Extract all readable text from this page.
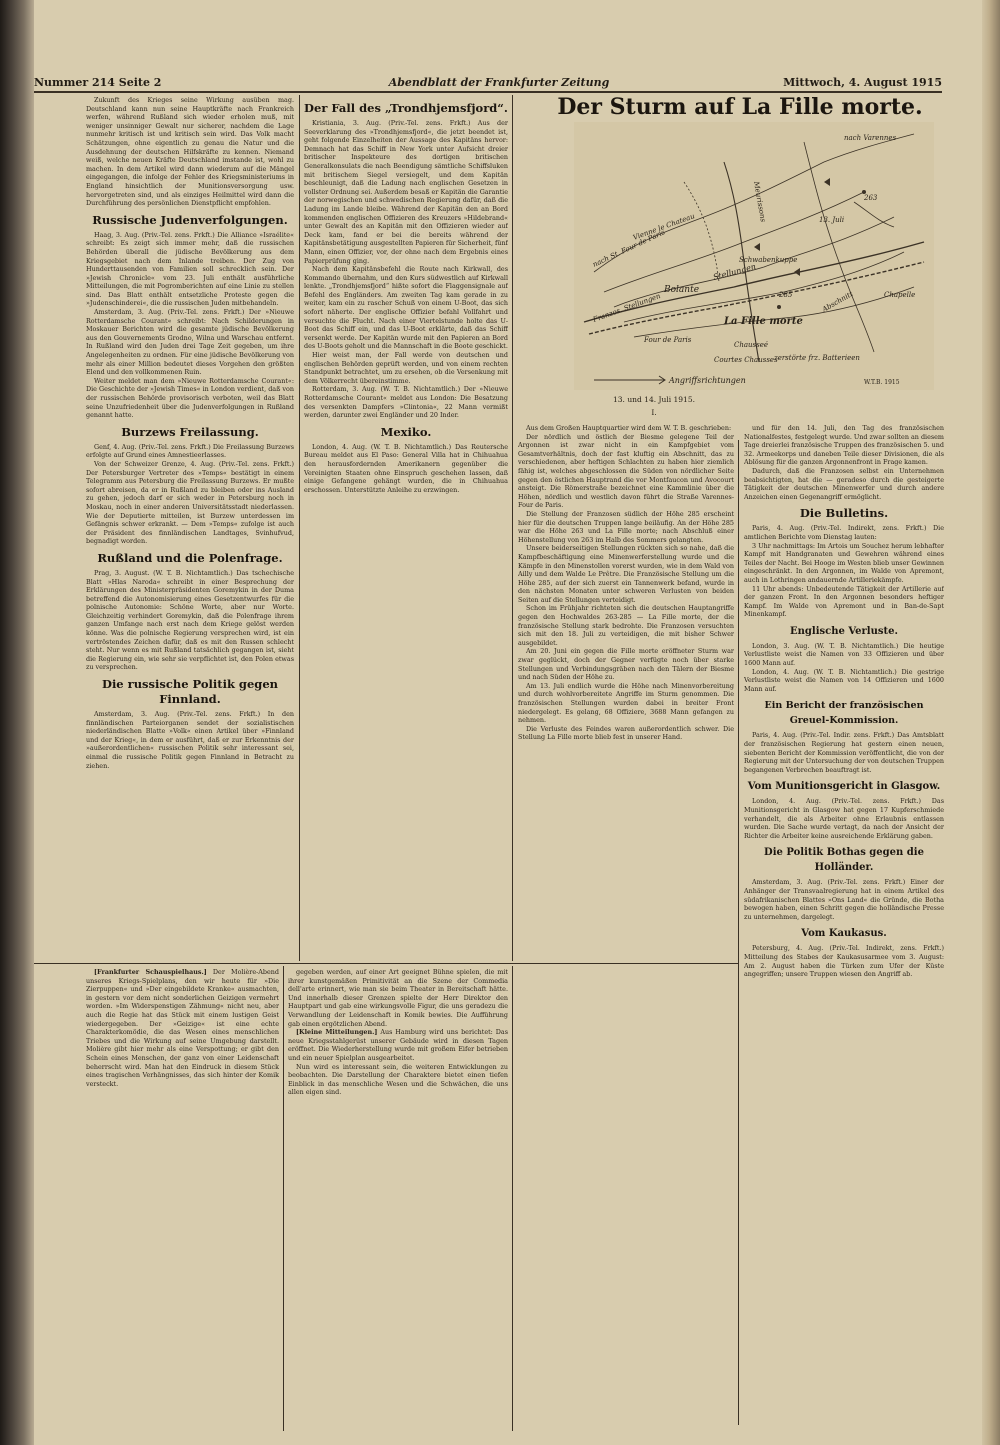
Nummer 214 Seite 2	Abendblatt der Frankfurter Zeitung	Mittwoch, 4. August 1915

Zukunft des Krieges seine Wirkung ausüben mag. Deutschland kann nun seine Hauptkräfte nach Frankreich werfen, während Rußland sich wieder erholen muß, mit weniger unsinniger Gewalt nur sicherer, nachdem die Lage nunmehr kritisch ist und kritisch sein wird. Das Volk macht Schätzungen, ohne eigentlich zu genau die Natur und die Ausdehnung der deutschen Hilfskräfte zu kennen. Niemand weiß, welche neuen Kräfte Deutschland imstande ist, wohl zu machen. In dem Artikel wird dann wiederum auf die Mängel eingegangen, die infolge der Fehler des Kriegsministeriums in England hinsichtlich der Munitionsversorgung usw. hervorgetreten sind, und als einziges Heilmittel wird dann die Durchführung des persönlichen Dienstpflicht empfohlen.

Russische Judenverfolgungen.

Haag, 3. Aug. (Priv.-Tel. zens. Frkft.) Die Alliance »Israélite« schreibt: Es zeigt sich immer mehr, daß die russischen Behörden überall die jüdische Bevölkerung aus dem Kriegsgebiet nach dem Inlande treiben. Der Zug von Hunderttausenden von Familien soll schrecklich sein. Der »Jewish Chronicle« vom 23. Juli enthält ausführliche Mitteilungen, die mit Pogromberichten auf eine Linie zu stellen sind. Das Blatt enthält entsetzliche Proteste gegen die »Judenschinderei«, die die russischen Juden mitbehandeln.

Amsterdam, 3. Aug. (Priv.-Tel. zens. Frkft.) Der »Nieuwe Rotterdamsche Courant« schreibt: Nach Schilderungen in Moskauer Berichten wird die gesamte jüdische Bevölkerung aus den Gouvernements Grodno, Wilna und Warschau entfernt. In Rußland wird den Juden drei Tage Zeit gegeben, um ihre Angelegenheiten zu ordnen. Für eine jüdische Bevölkerung von mehr als einer Million bedeutet dieses Vorgehen den größten Elend und den vollkommenen Ruin.

Weiter meldet man dem »Nieuwe Rotterdamsche Courant«: Die Geschichte der »Jewish Times« in London verdient, daß von der russischen Behörde provisorisch verboten, weil das Blatt seine Unzufriedenheit über die Judenverfolgungen in Rußland genannt hatte.

Burzews Freilassung.

Genf, 4. Aug. (Priv.-Tel. zens. Frkft.) Die Freilassung Burzews erfolgte auf Grund eines Amnestieerlasses.

Von der Schweizer Grenze, 4. Aug. (Priv.-Tel. zens. Frkft.) Der Petersburger Vertreter des »Temps« bestätigt in einem Telegramm aus Petersburg die Freilassung Burzews. Er mußte sofort abreisen, da er in Rußland zu bleiben oder ins Ausland zu gehen, jedoch darf er sich weder in Petersburg noch in Moskau, noch in einer anderen Universitätsstadt niederlassen. Wie der Deputierte mitteilen, ist Burzew unterdessen im Gefängnis schwer erkrankt. — Dem »Temps« zufolge ist auch der Präsident des finnländischen Landtages, Svinhufvud, begnadigt worden.

Rußland und die Polenfrage.

Prag, 3. August. (W. T. B. Nichtamtlich.) Das tschechische Blatt »Hlas Naroda« schreibt in einer Besprechung der Erklärungen des Ministerpräsidenten Goremykin in der Duma betreffend die Autonomisierung eines Gesetzentwurfes für die polnische Autonomie: Schöne Worte, aber nur Worte. Gleichzeitig verhindert Goremykin, daß die Polenfrage ihrem ganzen Umfange nach erst nach dem Kriege gelöst werden könne. Was die polnische Regierung versprechen wird, ist ein vertröstendes Zeichen dafür, daß es mit den Russen schlecht steht. Nur wenn es mit Rußland tatsächlich gegangen ist, sieht die Regierung ein, wie sehr sie verpflichtet ist, den Polen etwas zu versprechen.

Die russische Politik gegen Finnland.

Amsterdam, 3. Aug. (Priv.-Tel. zens. Frkft.) In den finnländischen Parteiorganen sendet der sozialistischen niederländischen Blatte »Volk« einen Artikel über »Finnland und der Krieg«, in dem er ausführt, daß er zur Erkenntnis der »außerordentlichen« russischen Politik sehr interessant sei, einmal die russische Politik gegen Finnland in Betracht zu ziehen.

Der Fall des „Trondhjemsfjord“.

Kristiania, 3. Aug. (Priv.-Tel. zens. Frkft.) Aus der Seeverklarung des »Trondhjemsfjord«, die jetzt beendet ist, geht folgende Einzelheiten der Aussage des Kapitäns hervor: Demnach hat das Schiff in New York unter Aufsicht dreier britischer Inspekteure des dortigen britischen Generalkonsulats die nach Beendigung sämtliche Schiffsluken mit britischem Siegel versiegelt, und dem Kapitän beschleunigt, daß die Ladung nach englischen Gesetzen in vollster Ordnung sei. Außerdem besaß er Kapitän die Garantie der norwegischen und schwedischen Regierung dafür, daß die Ladung im Lande bleibe. Während der Kapitän den an Bord kommenden englischen Offizieren des Kreuzers »Hildebrand« unter Gewalt des an Kapitän mit den Offizieren wieder auf Deck kam, fand er bei die bereits während der Kapitänsbetätigung ausgestellten Papieren für Sicherheit, fünf Mann, einen Offizier, vor, der ohne nach dem Ergebnis eines Papierprüfung ging.

Nach dem Kapitänsbefehl die Route nach Kirkwall, des Kommando übernahm, und den Kurs südwestlich auf Kirkwall lenkte. „Trondhjemsfjord“ hißte sofort die Flaggensignale auf Befehl des Engländers. Am zweiten Tag kam gerade in zu weiter, kam ein zu rascher Schuß von einem U-Boot, das sich sofort näherte. Der englische Offizier befahl Vollfahrt und versuchte die Flucht. Nach einer Viertelstunde holte das U-Boot das Schiff ein, und das U-Boot erklärte, daß das Schiff versenkt werde. Der Kapitän wurde mit den Papieren an Bord des U-Boots geholt und die Mannschaft in die Boote geschickt.

Hier weist man, der Fall werde von deutschen und englischen Behörden geprüft werden, und von einem rechten Standpunkt betrachtet, um zu ersehen, ob die Versenkung mit dem Völkerrecht übereinstimme.

Rotterdam, 3. Aug. (W. T. B. Nichtamtlich.) Der »Nieuwe Rotterdamsche Courant« meldet aus London: Die Besatzung des versenkten Dampfers »Clintonia«, 22 Mann vermißt werden, darunter zwei Engländer und 20 Inder.

Mexiko.

London, 4. Aug. (W. T. B. Nichtamtlich.) Das Reutersche Bureau meldet aus El Paso: General Villa hat in Chihuahua den herausfordernden Amerikanern gegenüber die Vereinigten Staaten ohne Einspruch geschehen lassen, daß einige Gefangene gehängt wurden, die in Chihuahua erschossen. Unterstützte Anleihe zu erzwingen.

Der Sturm auf La Fille morte.
nach Varennes
Meurissons
nach St. Four de Paris
Vienne le Chateau	13. Juli
263
285
Bolante
Stellungen
La Fille morte
Franzos. Stellungen
Schwabenkuppe
Four de Paris
Chausseé
Abschnitt
Courtes Chausses
zerstörte frz. Batterieen
Chapelle
Angriffsrichtungen	W.T.B. 1915
13. und 14. Juli 1915.
I.

Aus dem Großen Hauptquartier wird dem W. T. B. geschrieben:

Der nördlich und östlich der Biesme gelegene Teil der Argonnen ist zwar nicht in ein Kampfgebiet vom Gesamtverhältnis, doch der fast kluftig ein Abschnitt, das zu verschiedenen, aber heftigen Schlachten zu haben hier ziemlich fähig ist, welches abgeschlossen die Süden von nördlicher Seite gegen den östlichen Hauptrand die vor Montfaucon und Avocourt ansteigt. Die Römerstraße bezeichnet eine Kammlinie über die Höhen, nördlich und westlich davon führt die Straße Varennes-Four de Paris.

Die Stellung der Franzosen südlich der Höhe 285 erscheint hier für die deutschen Truppen lange beiläufig. An der Höhe 285 war die Höhe 263 und La Fille morte; nach Abschluß einer Höhenstellung von 263 im Halb des Sommers gelangten.

Unsere beiderseitigen Stellungen rückten sich so nahe, daß die Kampfbeschäftigung eine Minenwerferstellung wurde und die Kämpfe in den Minenstollen vorerst wurden, wie in dem Wald von Ailly und dem Walde Le Prêtre. Die Französische Stellung um die Höhe 285, auf der sich zuerst ein Tannenwerk befand, wurde in den nächsten Monaten unter schweren Verlusten von beiden Seiten auf die Stellungen verteidigt.

Schon im Frühjahr richteten sich die deutschen Hauptangriffe gegen den Hochwaldes 263-285 — La Fille morte, der die französische Stellung stark bedrohte. Die Franzosen versuchten sich mit den 18. Juli zu verteidigen, die mit bisher Schwer ausgebildet.

Am 20. Juni ein gegen die Fille morte eröffneter Sturm war zwar geglückt, doch der Gegner verfügte noch über starke Stellungen und Verbindungsgräben nach den Tälern der Biesme und nach Süden der Höhe zu.

Am 13. Juli endlich wurde die Höhe nach Minenvorbereitung und durch wohlvorbereitete Angriffe im Sturm genommen. Die französischen Stellungen wurden dabei in breiter Front niedergelegt. Es gelang, 68 Offiziere, 3688 Mann gefangen zu nehmen.

Die Verluste des Feindes waren außerordentlich schwer. Die Stellung La Fille morte blieb fest in unserer Hand.

und für den 14. Juli, den Tag des französischen Nationalfestes, festgelegt wurde. Und zwar sollten an diesem Tage dreierlei französische Truppen des französischen 5. und 32. Armeekorps und daneben Teile dieser Divisionen, die als Ablösung für die ganzen Argonnenfront in Frage kamen.

Dadurch, daß die Franzosen selbst ein Unternehmen beabsichtigten, hat die — geradeso durch die gesteigerte Tätigkeit der deutschen Minenwerfer und durch andere Anzeichen einen Gegenangriff ermöglicht.

Die Bulletins.

Paris, 4. Aug. (Priv.-Tel. Indirekt, zens. Frkft.) Die amtlichen Berichte vom Dienstag lauten:

3 Uhr nachmittags: Im Artois um Souchez herum lebhafter Kampf mit Handgranaten und Gewehren während eines Teiles der Nacht. Bei Hooge im Westen blieb unser Gewinnen eingeschränkt. In den Argonnen, im Walde von Apremont, auch in Lothringen andauernde Artilleriekämpfe.

11 Uhr abends: Unbedeutende Tätigkeit der Artillerie auf der ganzen Front. In den Argonnen besonders heftiger Kampf. Im Walde von Apremont und in Ban-de-Sapt Minenkampf.

Englische Verluste.

London, 3. Aug. (W. T. B. Nichtamtlich.) Die heutige Verlustliste weist die Namen von 33 Offizieren und über 1600 Mann auf.

London, 4. Aug. (W. T. B. Nichtamtlich.) Die gestrige Verlustliste weist die Namen von 14 Offizieren und 1600 Mann auf.

Ein Bericht der französischen Greuel-Kommission.

Paris, 4. Aug. (Priv.-Tel. Indir. zens. Frkft.) Das Amtsblatt der französischen Regierung hat gestern einen neuen, siebenten Bericht der Kommission veröffentlicht, die von der Regierung mit der Untersuchung der von deutschen Truppen begangenen Verbrechen beauftragt ist.

Vom Munitionsgericht in Glasgow.

London, 4. Aug. (Priv.-Tel. zens. Frkft.) Das Munitionsgericht in Glasgow hat gegen 17 Kupferschmiede verhandelt, die als Arbeiter ohne Erlaubnis entlassen wurden. Die Sache wurde vertagt, da nach der Ansicht der Richter die Arbeiter keine ausreichende Erklärung gaben.

Die Politik Bothas gegen die Holländer.

Amsterdam, 3. Aug. (Priv.-Tel. zens. Frkft.) Einer der Anhänger der Transvaalregierung hat in einem Artikel des südafrikanischen Blattes »Ons Land« die Gründe, die Botha bewogen haben, einen Schritt gegen die holländische Presse zu unternehmen, dargelegt.

Vom Kaukasus.

Petersburg, 4. Aug. (Priv.-Tel. Indirekt, zens. Frkft.) Mitteilung des Stabes der Kaukasusarmee vom 3. August: Am 2. August haben die Türken zum Ufer der Küste angegriffen; unsere Truppen wiesen den Angriff ab.

[Frankfurter Schauspielhaus.] Der Molière-Abend unseres Kriegs-Spielplans, den wir heute für »Die Zierpuppen« und »Der eingebildete Kranke« ausmachten, in gestern vor dem nicht sonderlichen Geizigen vermehrt worden. »Im Widerspenstigen Zähmung« nicht neu, aber auch die Regie hat das Stück mit einem lustigen Geist wiedergegeben. Der »Geizige« ist eine echte Charakterkomödie, die das Wesen eines menschlichen Triebes und die Wirkung auf seine Umgebung darstellt. Molière gibt hier mehr als eine Verspottung; er gibt den Schein eines Menschen, der ganz von einer Leidenschaft beherrscht wird. Man hat den Eindruck in diesem Stück eines tragischen Verhängnisses, das sich hinter der Komik versteckt.

gegeben werden, auf einer Art geeignet Bühne spielen, die mit ihrer kunstgemäßen Primitivität an die Szene der Commedia dell'arte erinnert, wie man sie beim Theater in Bereitschaft hätte. Und innerhalb dieser Grenzen spielte der Herr Direktor den Hauptpart und gab eine wirkungsvolle Figur, die uns geradezu die Verwandlung der Leidenschaft in Komik bewies. Die Aufführung gab einen ergötzlichen Abend.

[Kleine Mitteilungen.] Aus Hamburg wird uns berichtet: Das neue Kriegsstahlgerüst unserer Gebäude wird in diesen Tagen eröffnet. Die Wiederherstellung wurde mit großem Eifer betrieben und ein neuer Spielplan ausgearbeitet.

Nun wird es interessant sein, die weiteren Entwicklungen zu beobachten. Die Darstellung der Charaktere bietet einen tiefen Einblick in das menschliche Wesen und die Schwächen, die uns allen eigen sind.
